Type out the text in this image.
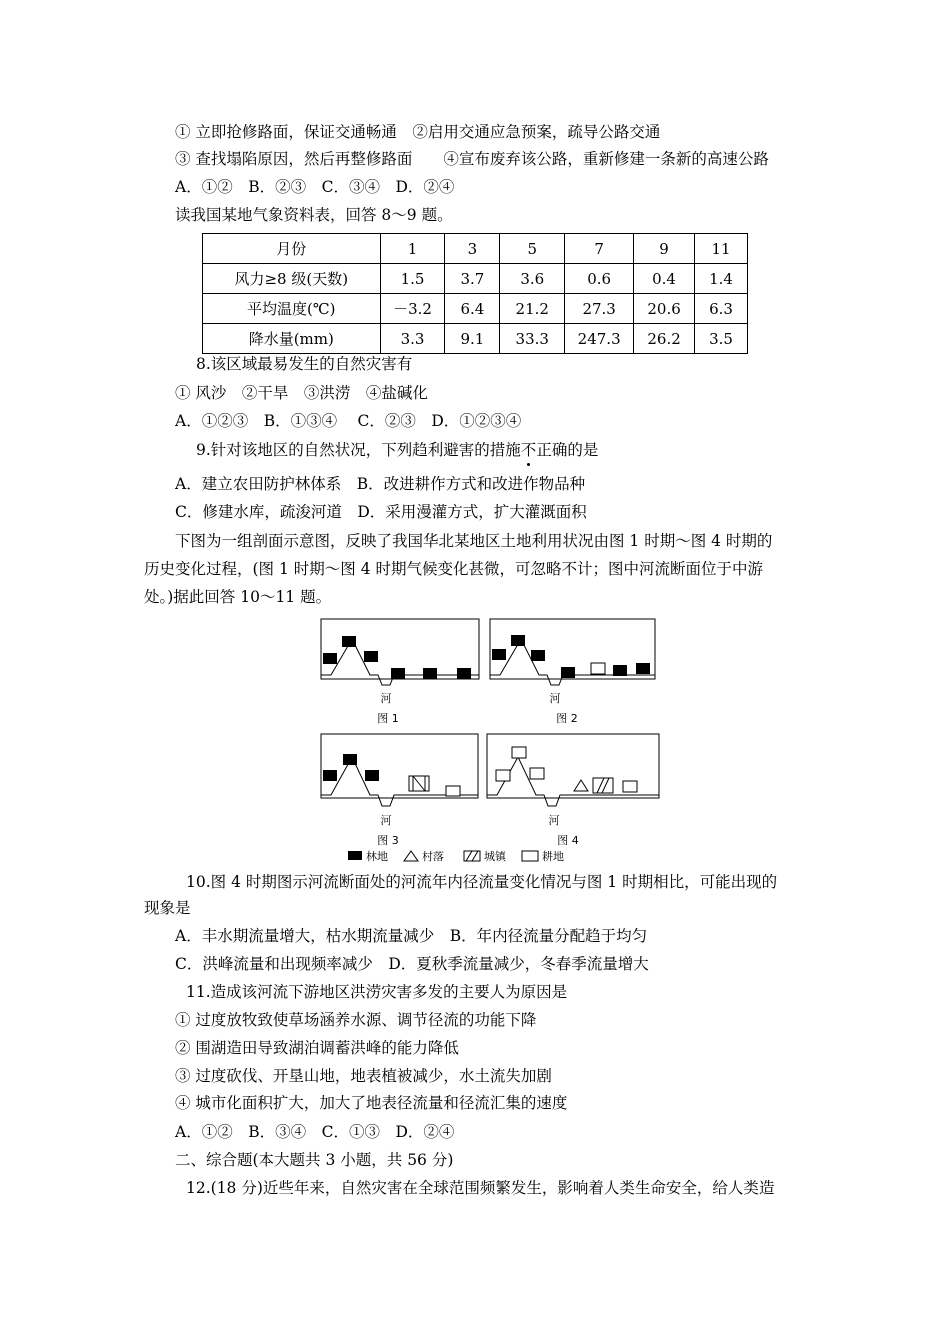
① 立即抢修路面，保证交通畅通　②启用交通应急预案，疏导公路交通
③ 查找塌陷原因，然后再整修路面　　④宣布废弃该公路，重新修建一条新的高速公路
A．①②　B．②③　C．③④　D．②④
读我国某地气象资料表，回答 8～9 题。
月份	1	3	5	7	9	11
风力≥8 级(天数)	1.5	3.7	3.6	0.6	0.4	1.4
平均温度(℃)	－3.2	6.4	21.2	27.3	20.6	6.3
降水量(mm)	3.3	9.1	33.3	247.3	26.2	3.5
8.该区域最易发生的自然灾害有
① 风沙　②干旱　③洪涝　④盐碱化
A．①②③　B．①③④　 C．②③　D．①②③④
9.针对该地区的自然状况，下列趋利避害的措施不正确的是
A．建立农田防护林体系　B．改进耕作方式和改进作物品种
C．修建水库，疏浚河道　D．采用漫灌方式，扩大灌溉面积
下图为一组剖面示意图，反映了我国华北某地区土地利用状况由图 1 时期～图 4 时期的
历史变化过程，(图 1 时期～图 4 时期气候变化甚微，可忽略不计；图中河流断面位于中游
处。)据此回答 10～11 题。
河
图 1
河
图 2
河
图 3
河
图 4
林地	村落	城镇	耕地
10.图 4 时期图示河流断面处的河流年内径流量变化情况与图 1 时期相比，可能出现的
现象是
A．丰水期流量增大，枯水期流量减少　B．年内径流量分配趋于均匀
C．洪峰流量和出现频率减少　D．夏秋季流量减少，冬春季流量增大
11.造成该河流下游地区洪涝灾害多发的主要人为原因是
① 过度放牧致使草场涵养水源、调节径流的功能下降
② 围湖造田导致湖泊调蓄洪峰的能力降低
③ 过度砍伐、开垦山地，地表植被减少，水土流失加剧
④ 城市化面积扩大，加大了地表径流量和径流汇集的速度
A．①②　B．③④　C．①③　D．②④
二、综合题(本大题共 3 小题，共 56 分)
12.(18 分)近些年来，自然灾害在全球范围频繁发生，影响着人类生命安全，给人类造
